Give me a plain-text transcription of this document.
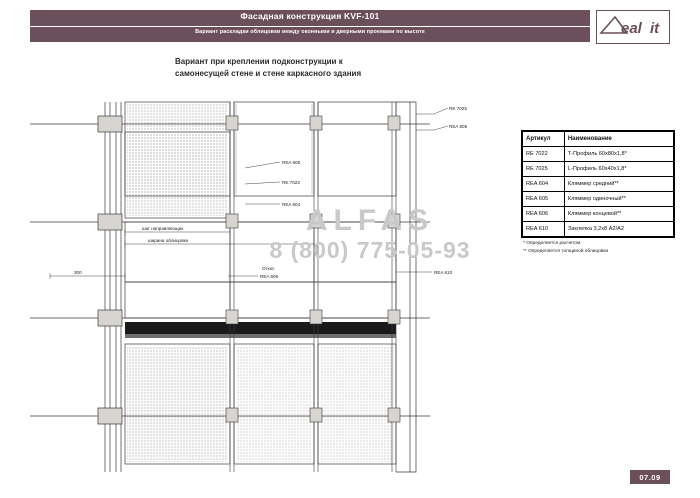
Фасадная конструкция KVF-101
Вариант раскладки облицовки между оконными и дверными проемами по высоте	eal it
Вариант при креплении подконструкции к
самонесущей стене и стене каркасного здания
RE 7025
REA 606
REA 605
RE 7022
REA 604
REA 606
REA 610
шаг направляющих
ширина облицовки
300
Откос
ALFAS
8 (800) 775-05-93
Артикул	Наименование
RE 7022	Т-Профиль 60х80х1,8*
RE 7025	L-Профиль 60х40х1,8*
REA 604	Кляммер средний**
REA 605	Кляммер одиночный**
REA 606	Кляммер концевой**
REA 610	Заклепка 3,2х8 A2/A2
* Определяется расчетом
** Определяется толщиной облицовки
07.09
